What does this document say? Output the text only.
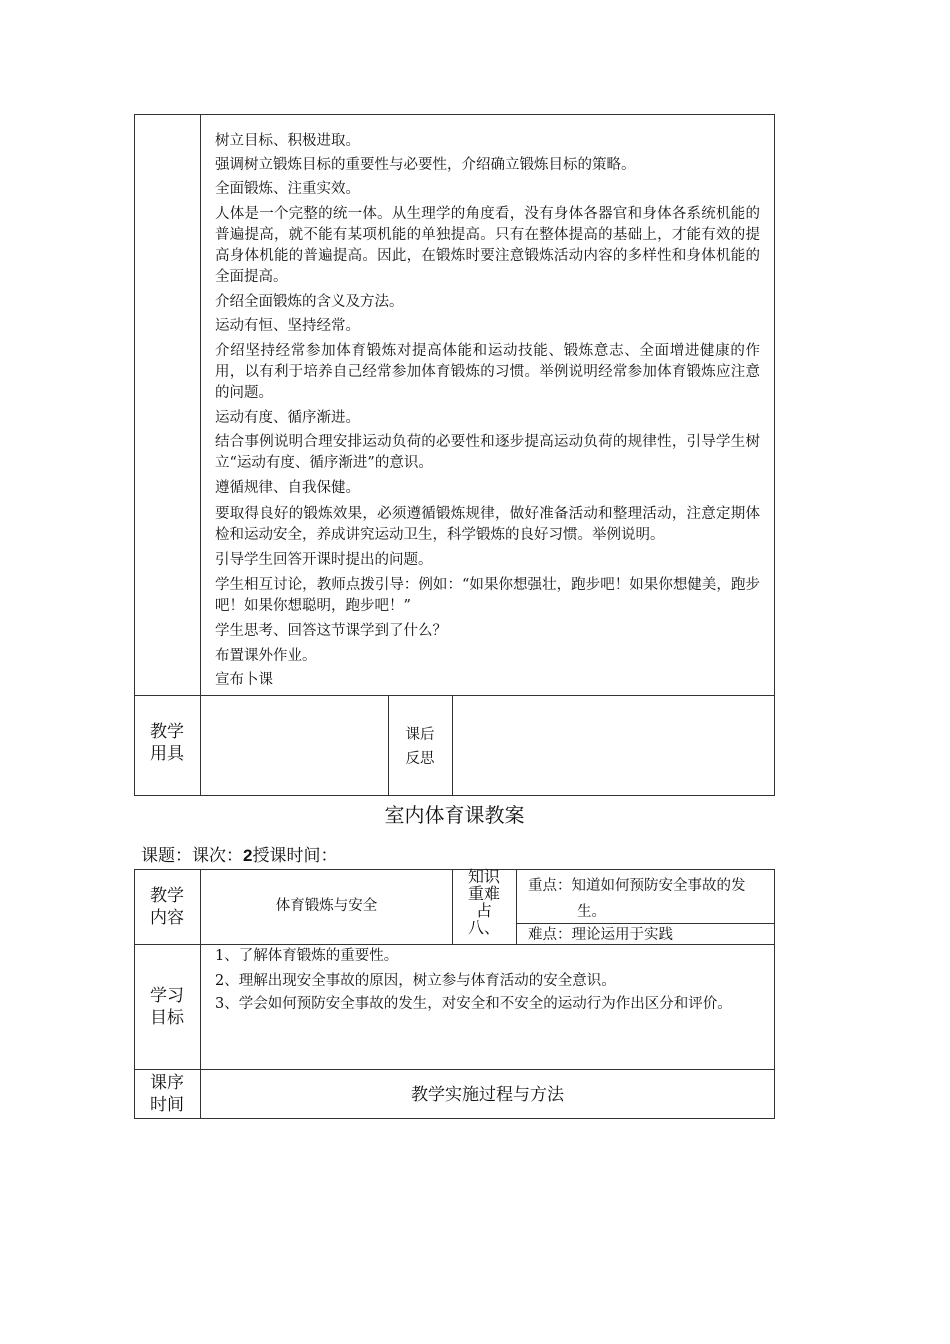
树立目标、积极进取。

强调树立锻炼目标的重要性与必要性，介绍确立锻炼目标的策略。

全面锻炼、注重实效。

人体是一个完整的统一体。从生理学的角度看，没有身体各器官和身体各系统机能的普遍提高，就不能有某项机能的单独提高。只有在整体提高的基础上，才能有效的提高身体机能的普遍提高。因此，在锻炼时要注意锻炼活动内容的多样性和身体机能的全面提高。

介绍全面锻炼的含义及方法。

运动有恒、坚持经常。

介绍坚持经常参加体育锻炼对提高体能和运动技能、锻炼意志、全面增进健康的作用，以有利于培养自己经常参加体育锻炼的习惯。举例说明经常参加体育锻炼应注意的问题。

运动有度、循序渐进。

结合事例说明合理安排运动负荷的必要性和逐步提高运动负荷的规律性，引导学生树立“运动有度、循序渐进”的意识。

遵循规律、自我保健。

要取得良好的锻炼效果，必须遵循锻炼规律，做好准备活动和整理活动，注意定期体检和运动安全，养成讲究运动卫生，科学锻炼的良好习惯。举例说明。

引导学生回答开课时提出的问题。

学生相互讨论，教师点拨引导：例如：“如果你想强壮，跑步吧！如果你想健美，跑步吧！如果你想聪明，跑步吧！”

学生思考、回答这节课学到了什么？

布置课外作业。

宣布卜课

教学用具
课后反思
室内体育课教案
课题：课次：2授课时间：
教学内容
体育锻炼与安全
知识重难占八、
重点：知道如何预防安全事故的发生。
难点：理论运用于实践
学习目标

1、了解体育锻炼的重要性。

2、理解出现安全事故的原因，树立参与体育活动的安全意识。

3、学会如何预防安全事故的发生，对安全和不安全的运动行为作出区分和评价。

课序时间	教学实施过程与方法
